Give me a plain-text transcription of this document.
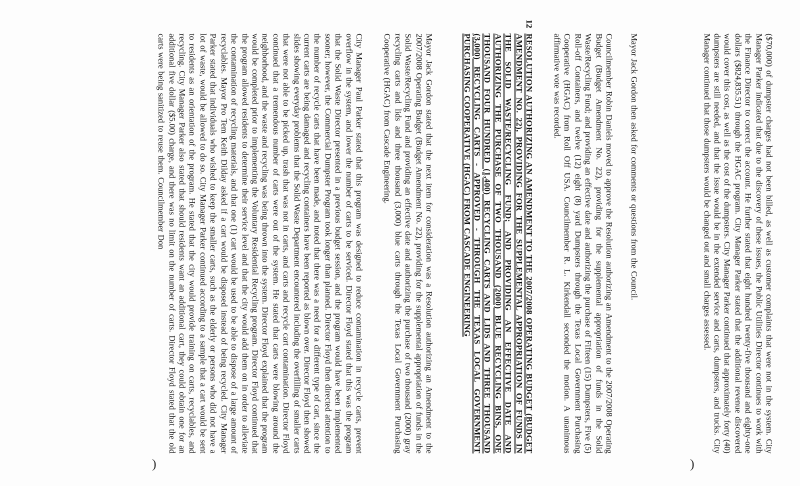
($70,000) of dumpster charges had not been billed, as well as customer complaints that were not in the system. City Manager Parker indicated that due to the discovery of these issues, the Public Utilities Director continues to work with the Finance Director to correct the account. He further stated that eight hundred twenty-five thousand and eighty-one dollars ($824,835.51) through the HGAC program. City Manager Parker stated that the additional revenue discovered would cover this cost, as well as the cost of the dumpsters. City Manager Parker continued that approximately forty (40) dumpsters are still needed, and that the issue would be in the extended service and carts, dumpsters, and trucks. City Manager continued that those dumpsters would be changed out and small charges assessed.

Mayor Jack Gordon then asked for comments or questions from the Council.

Councilmember Robin Daniels moved to approve the Resolution authorizing an Amendment to the 2007/2008 Operating Budget (Budget Amendment No. 22), providing for the supplemental appropriation of funds in the Solid Waste/Recycling Fund; and providing an effective date and authorizing the purchase of Fifteen (15) Dumpsters, Five (5) Roll-off Containers, and twelve (12) eight (8) yard Dumpsters through the Texas Local Government Purchasing Cooperative (HGAC) from Roll Off USA. Councilmember R. L. Kirkendall seconded the motion. A unanimous affirmative vote was recorded.

12

RESOLUTION AUTHORIZING AN AMENDMENT TO THE 2007/2008 OPERATING BUDGET (BUDGET AMENDMENT NO. 22), PROVIDING FOR THE SUPPLEMENTAL APPROPRIATION OF FUNDS IN THE SOLID WASTE/RECYCLING FUND; AND PROVIDING AN EFFECTIVE DATE AND AUTHORIZING THE PURCHASE OF TWO THOUSAND (2000) BLUE RECYCLING BINS, ONE THOUSAND FOUR HUNDRED (1,400) RECYCLING CARTS AND LIDS AND THREE THOUSAND (3,000) RECYCLING CARTS - APPROVED - THROUGH THE TEXAS LOCAL GOVERNMENT PURCHASING COOPERATIVE (HGAC) FROM CASCADE ENGINEERING

Mayor Jack Gordon stated that the next item for consideration was a Resolution authorizing an Amendment to the 2007/2008 Operating Budget (Budget Amendment No. 22), providing for the supplemental appropriation of funds in the Solid Waste/Recycling Fund and providing an effective date and authorizing the purchase of two thousand (2000) gray recycling carts and lids and three thousand (3,000) blue carts through the Texas Local Government Purchasing Cooperative (HGAC) from Cascade Engineering.

City Manager Paul Parker stated that this program was designed to reduce contamination in recycle carts, prevent overflow in the system, and lower the number of carts to be serviced. Director Floyd stated that this was the program that the Solid Waste Director presented in a previous budget session, and the program would have been implemented sooner; however, the Commercial Dumpster Program took longer than planned. Director Floyd then directed attention to the number of recycle carts that have been made, and noted that there was a need for a different type of cart, since the current carts are being damaged and recycling containers have been reported as blown over. Director Floyd then showed slides showing everyday problems that the Solid Waste Department encountered including the overfilling of smaller carts that were not able to be picked up, trash that was not in carts, and carts and recycle cart contamination. Director Floyd continued that a tremendous number of carts were out of the system. He stated that carts were blowing around the neighborhood, and the waste and recycling was being thrown into the system. Director Floyd explained that the program would be completed prior to implementing the Voluntary Residential Recycling program. Director Floyd continued that the program allowed residents to determine their service level and that the city would add them on in order to alleviate the contamination of recycling materials, and that one (1) cart would be used to be able to dispose of a large amount of recyclables. Mayor Pro Tem Keith Dilday asked if a cart would be disposed instead of being recycled. City Manager Parker stated that individuals who wished to keep the smaller carts, such as the elderly or persons who did not have a lot of waste, would be allowed to do so. City Manager Parker continued according to a sample that a cart would be sent to residents as an orientation of the program. He stated that the city would provide training on carts, recyclables, and recycling. City Manager Parker also stated that should residents want an additional cart, they could obtain one for an additional five dollar ($5.00) charge, and there was no limit on the number of carts. Director Floyd stated that the old carts were being sanitized to reuse them. Councilmember Don

)	)
